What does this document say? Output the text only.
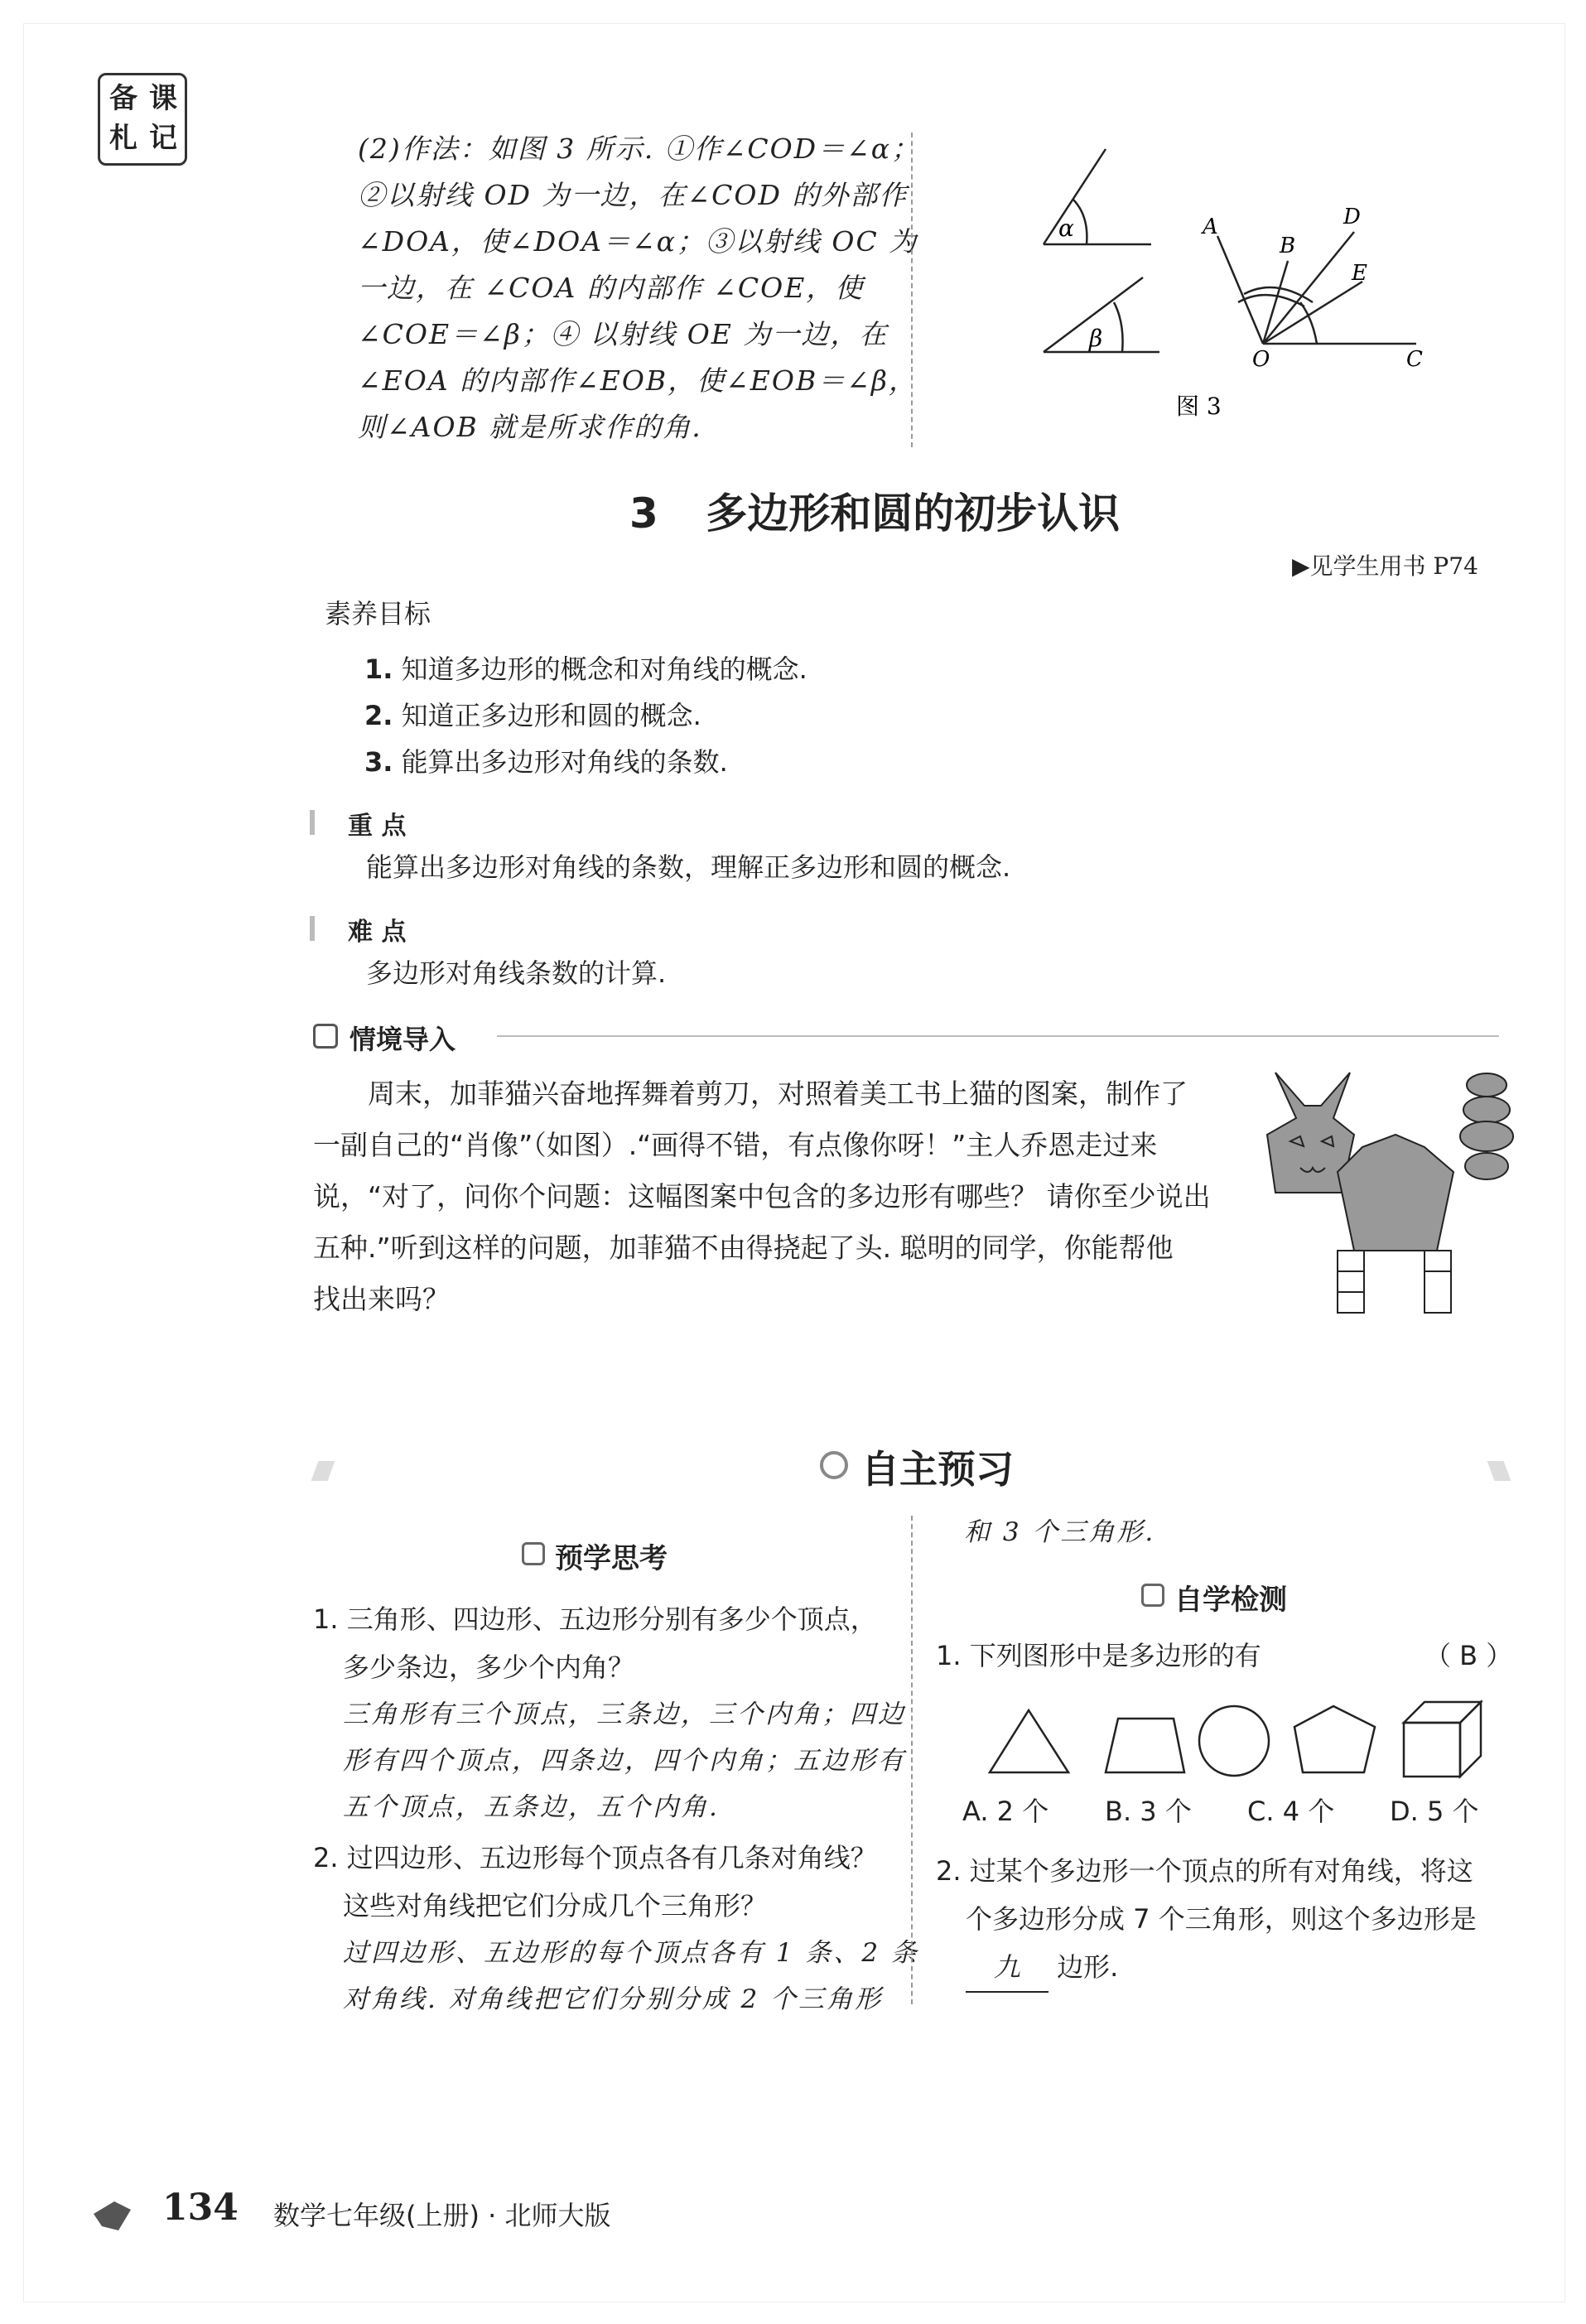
备 课
札 记	(2)作法：如图 3 所示. ①作∠COD＝∠α；
②以射线 OD 为一边，在∠COD 的外部作
∠DOA，使∠DOA＝∠α；③以射线 OC 为
一边，在 ∠COA 的内部作 ∠COE，使
∠COE＝∠β；④ 以射线 OE 为一边，在
∠EOA 的内部作∠EOB，使∠EOB＝∠β，
则∠AOB 就是所求作的角.
α
β
A
B
D
E
O	C
图 3
3 多边形和圆的初步认识
▶见学生用书 P74
素养目标
1. 知道多边形的概念和对角线的概念.
2. 知道正多边形和圆的概念.
3. 能算出多边形对角线的条数.
重 点
能算出多边形对角线的条数，理解正多边形和圆的概念.
难 点
多边形对角线条数的计算.
情境导入
周末，加菲猫兴奋地挥舞着剪刀，对照着美工书上猫的图案，制作了
一副自己的“肖像”（如图）.“画得不错，有点像你呀！”主人乔恩走过来
说，“对了，问你个问题：这幅图案中包含的多边形有哪些？ 请你至少说出
五种.”听到这样的问题，加菲猫不由得挠起了头. 聪明的同学，你能帮他
找出来吗？
自主预习
预学思考
1. 三角形、四边形、五边形分别有多少个顶点，
多少条边，多少个内角？
三角形有三个顶点，三条边，三个内角；四边
形有四个顶点，四条边，四个内角；五边形有
五个顶点，五条边，五个内角.
2. 过四边形、五边形每个顶点各有几条对角线？
这些对角线把它们分成几个三角形？
过四边形、五边形的每个顶点各有 1 条、2 条
对角线. 对角线把它们分别分成 2 个三角形
和 3 个三角形.
自学检测
1. 下列图形中是多边形的有	（ B ）
A. 2 个 B. 3 个 C. 4 个 D. 5 个
2. 过某个多边形一个顶点的所有对角线，将这
个多边形分成 7 个三角形，则这个多边形是
九 边形.
134 数学七年级(上册) · 北师大版
